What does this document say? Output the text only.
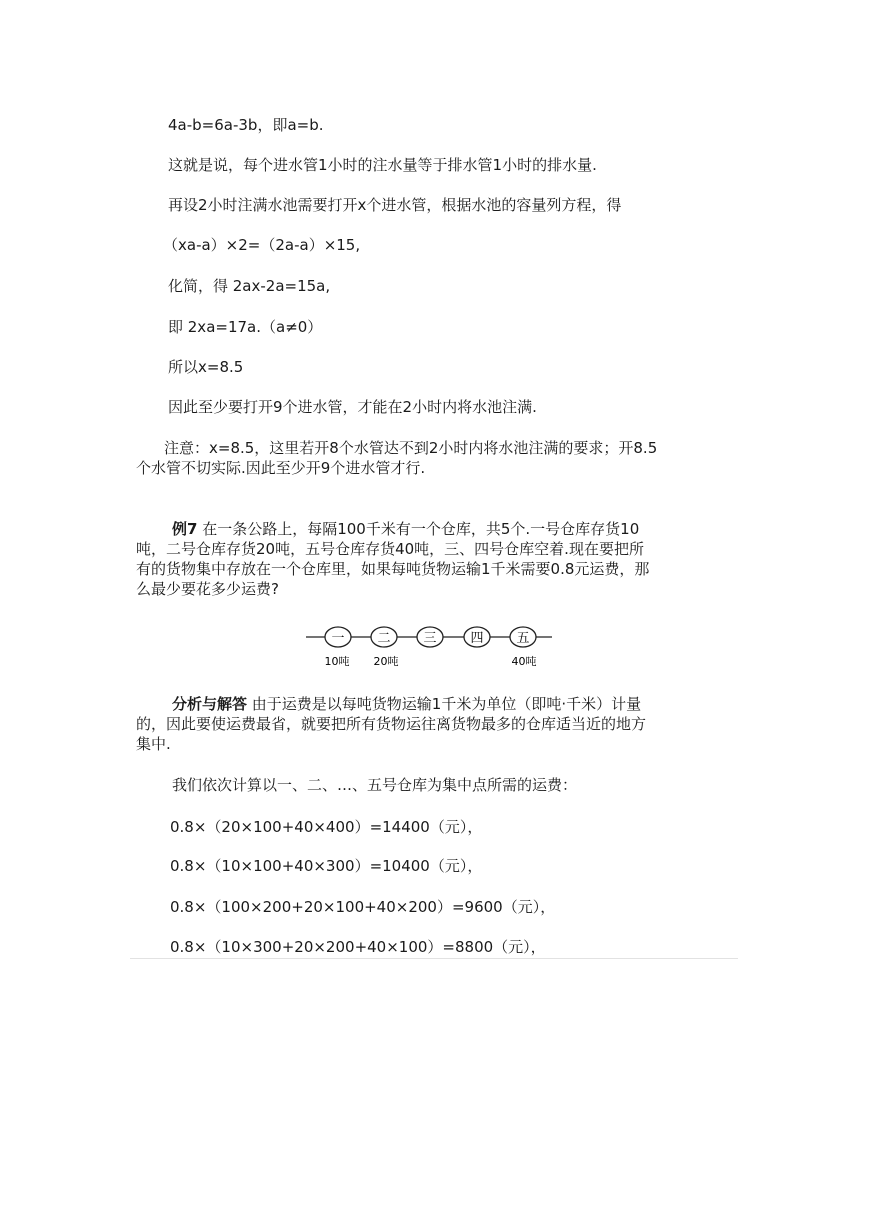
4a-b=6a-3b，即a=b.
这就是说，每个进水管1小时的注水量等于排水管1小时的排水量.
再设2小时注满水池需要打开x个进水管，根据水池的容量列方程，得
（xa-a）×2=（2a-a）×15,
化简，得 2ax-2a=15a,
即 2xa=17a.（a≠0）
所以x=8.5
因此至少要打开9个进水管，才能在2小时内将水池注满.
注意：x=8.5，这里若开8个水管达不到2小时内将水池注满的要求；开8.5
个水管不切实际.因此至少开9个进水管才行.
例7 在一条公路上，每隔100千米有一个仓库，共5个.一号仓库存货10
吨，二号仓库存货20吨，五号仓库存货40吨，三、四号仓库空着.现在要把所
有的货物集中存放在一个仓库里，如果每吨货物运输1千米需要0.8元运费，那
么最少要花多少运费?
一	二	三	四	五
10吨 20吨	40吨
分析与解答 由于运费是以每吨货物运输1千米为单位（即吨·千米）计量
的，因此要使运费最省，就要把所有货物运往离货物最多的仓库适当近的地方
集中.
我们依次计算以一、二、…、五号仓库为集中点所需的运费：
0.8×（20×100+40×400）=14400（元），
0.8×（10×100+40×300）=10400（元），
0.8×（100×200+20×100+40×200）=9600（元），
0.8×（10×300+20×200+40×100）=8800（元），
